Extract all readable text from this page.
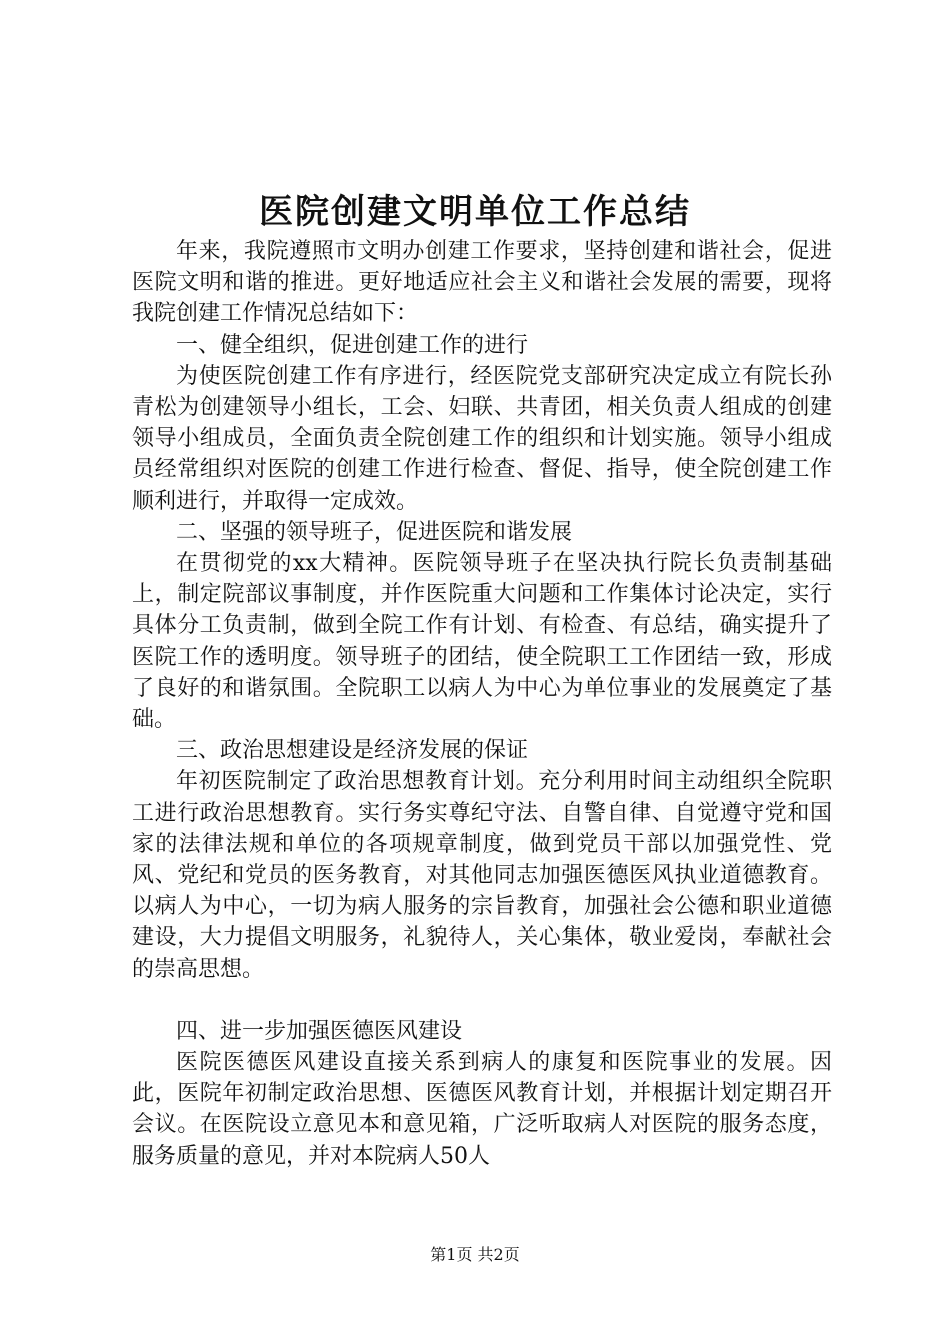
医院创建文明单位工作总结

年来，我院遵照市文明办创建工作要求，坚持创建和谐社会，促进医院文明和谐的推进。更好地适应社会主义和谐社会发展的需要，现将我院创建工作情况总结如下：

一、健全组织，促进创建工作的进行

为使医院创建工作有序进行，经医院党支部研究决定成立有院长孙青松为创建领导小组长，工会、妇联、共青团，相关负责人组成的创建领导小组成员，全面负责全院创建工作的组织和计划实施。领导小组成员经常组织对医院的创建工作进行检查、督促、指导，使全院创建工作顺利进行，并取得一定成效。

二、坚强的领导班子，促进医院和谐发展

在贯彻党的xx大精神。医院领导班子在坚决执行院长负责制基础上，制定院部议事制度，并作医院重大问题和工作集体讨论决定，实行具体分工负责制，做到全院工作有计划、有检查、有总结，确实提升了医院工作的透明度。领导班子的团结，使全院职工工作团结一致，形成了良好的和谐氛围。全院职工以病人为中心为单位事业的发展奠定了基础。

三、政治思想建设是经济发展的保证

年初医院制定了政治思想教育计划。充分利用时间主动组织全院职工进行政治思想教育。实行务实尊纪守法、自警自律、自觉遵守党和国家的法律法规和单位的各项规章制度，做到党员干部以加强党性、党风、党纪和党员的医务教育，对其他同志加强医德医风执业道德教育。以病人为中心，一切为病人服务的宗旨教育，加强社会公德和职业道德建设，大力提倡文明服务，礼貌待人，关心集体，敬业爱岗，奉献社会的崇高思想。

四、进一步加强医德医风建设

医院医德医风建设直接关系到病人的康复和医院事业的发展。因此，医院年初制定政治思想、医德医风教育计划，并根据计划定期召开会议。在医院设立意见本和意见箱，广泛听取病人对医院的服务态度，服务质量的意见，并对本院病人50人

第1页 共2页
